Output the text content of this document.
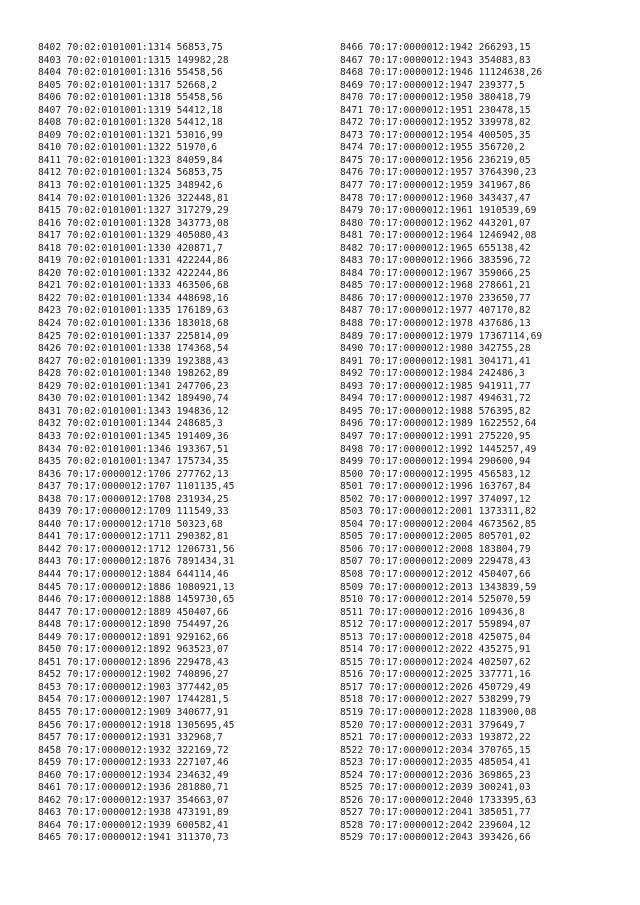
8402 70:02:0101001:1314 56853,75
8403 70:02:0101001:1315 149982,28
8404 70:02:0101001:1316 55458,56
8405 70:02:0101001:1317 52668,2
8406 70:02:0101001:1318 55458,56
8407 70:02:0101001:1319 54412,18
8408 70:02:0101001:1320 54412,18
8409 70:02:0101001:1321 53016,99
8410 70:02:0101001:1322 51970,6
8411 70:02:0101001:1323 84059,84
8412 70:02:0101001:1324 56853,75
8413 70:02:0101001:1325 348942,6
8414 70:02:0101001:1326 322448,81
8415 70:02:0101001:1327 317279,29
8416 70:02:0101001:1328 343773,08
8417 70:02:0101001:1329 405080,43
8418 70:02:0101001:1330 420871,7
8419 70:02:0101001:1331 422244,86
8420 70:02:0101001:1332 422244,86
8421 70:02:0101001:1333 463506,68
8422 70:02:0101001:1334 448698,16
8423 70:02:0101001:1335 176189,63
8424 70:02:0101001:1336 183018,68
8425 70:02:0101001:1337 225814,09
8426 70:02:0101001:1338 174368,54
8427 70:02:0101001:1339 192388,43
8428 70:02:0101001:1340 198262,89
8429 70:02:0101001:1341 247706,23
8430 70:02:0101001:1342 189490,74
8431 70:02:0101001:1343 194836,12
8432 70:02:0101001:1344 248685,3
8433 70:02:0101001:1345 191409,36
8434 70:02:0101001:1346 193367,51
8435 70:02:0101001:1347 175734,35
8436 70:17:0000012:1706 277762,13
8437 70:17:0000012:1707 1101135,45
8438 70:17:0000012:1708 231934,25
8439 70:17:0000012:1709 111549,33
8440 70:17:0000012:1710 50323,68
8441 70:17:0000012:1711 290382,81
8442 70:17:0000012:1712 1206731,56
8443 70:17:0000012:1876 7891434,31
8444 70:17:0000012:1884 644114,46
8445 70:17:0000012:1886 1080921,13
8446 70:17:0000012:1888 1459730,65
8447 70:17:0000012:1889 450407,66
8448 70:17:0000012:1890 754497,26
8449 70:17:0000012:1891 929162,66
8450 70:17:0000012:1892 963523,07
8451 70:17:0000012:1896 229478,43
8452 70:17:0000012:1902 740896,27
8453 70:17:0000012:1903 377442,05
8454 70:17:0000012:1907 1744281,5
8455 70:17:0000012:1909 340677,91
8456 70:17:0000012:1918 1305695,45
8457 70:17:0000012:1931 332968,7
8458 70:17:0000012:1932 322169,72
8459 70:17:0000012:1933 227107,46
8460 70:17:0000012:1934 234632,49
8461 70:17:0000012:1936 281880,71
8462 70:17:0000012:1937 354663,07
8463 70:17:0000012:1938 473191,89
8464 70:17:0000012:1939 600582,41
8465 70:17:0000012:1941 311370,73
8466 70:17:0000012:1942 266293,15
8467 70:17:0000012:1943 354083,83
8468 70:17:0000012:1946 11124638,26
8469 70:17:0000012:1947 239377,5
8470 70:17:0000012:1950 380418,79
8471 70:17:0000012:1951 230478,15
8472 70:17:0000012:1952 339978,82
8473 70:17:0000012:1954 400505,35
8474 70:17:0000012:1955 356720,2
8475 70:17:0000012:1956 236219,05
8476 70:17:0000012:1957 3764390,23
8477 70:17:0000012:1959 341967,86
8478 70:17:0000012:1960 343437,47
8479 70:17:0000012:1961 1910539,69
8480 70:17:0000012:1962 443201,07
8481 70:17:0000012:1964 1246942,08
8482 70:17:0000012:1965 655138,42
8483 70:17:0000012:1966 383596,72
8484 70:17:0000012:1967 359066,25
8485 70:17:0000012:1968 278661,21
8486 70:17:0000012:1970 233650,77
8487 70:17:0000012:1977 407170,82
8488 70:17:0000012:1978 437686,13
8489 70:17:0000012:1979 17367114,69
8490 70:17:0000012:1980 342755,28
8491 70:17:0000012:1981 304171,41
8492 70:17:0000012:1984 242486,3
8493 70:17:0000012:1985 941911,77
8494 70:17:0000012:1987 494631,72
8495 70:17:0000012:1988 576395,82
8496 70:17:0000012:1989 1622552,64
8497 70:17:0000012:1991 275220,95
8498 70:17:0000012:1992 1445257,49
8499 70:17:0000012:1994 290600,94
8500 70:17:0000012:1995 456583,12
8501 70:17:0000012:1996 163767,84
8502 70:17:0000012:1997 374097,12
8503 70:17:0000012:2001 1373311,82
8504 70:17:0000012:2004 4673562,85
8505 70:17:0000012:2005 805701,02
8506 70:17:0000012:2008 183804,79
8507 70:17:0000012:2009 229478,43
8508 70:17:0000012:2012 450407,66
8509 70:17:0000012:2013 1343839,59
8510 70:17:0000012:2014 525070,59
8511 70:17:0000012:2016 109436,8
8512 70:17:0000012:2017 559894,07
8513 70:17:0000012:2018 425075,04
8514 70:17:0000012:2022 435275,91
8515 70:17:0000012:2024 402507,62
8516 70:17:0000012:2025 337771,16
8517 70:17:0000012:2026 450729,49
8518 70:17:0000012:2027 538299,79
8519 70:17:0000012:2028 1183900,08
8520 70:17:0000012:2031 379649,7
8521 70:17:0000012:2033 193872,22
8522 70:17:0000012:2034 370765,15
8523 70:17:0000012:2035 485054,41
8524 70:17:0000012:2036 369865,23
8525 70:17:0000012:2039 300241,03
8526 70:17:0000012:2040 1733395,63
8527 70:17:0000012:2041 385051,77
8528 70:17:0000012:2042 239604,12
8529 70:17:0000012:2043 393426,66
